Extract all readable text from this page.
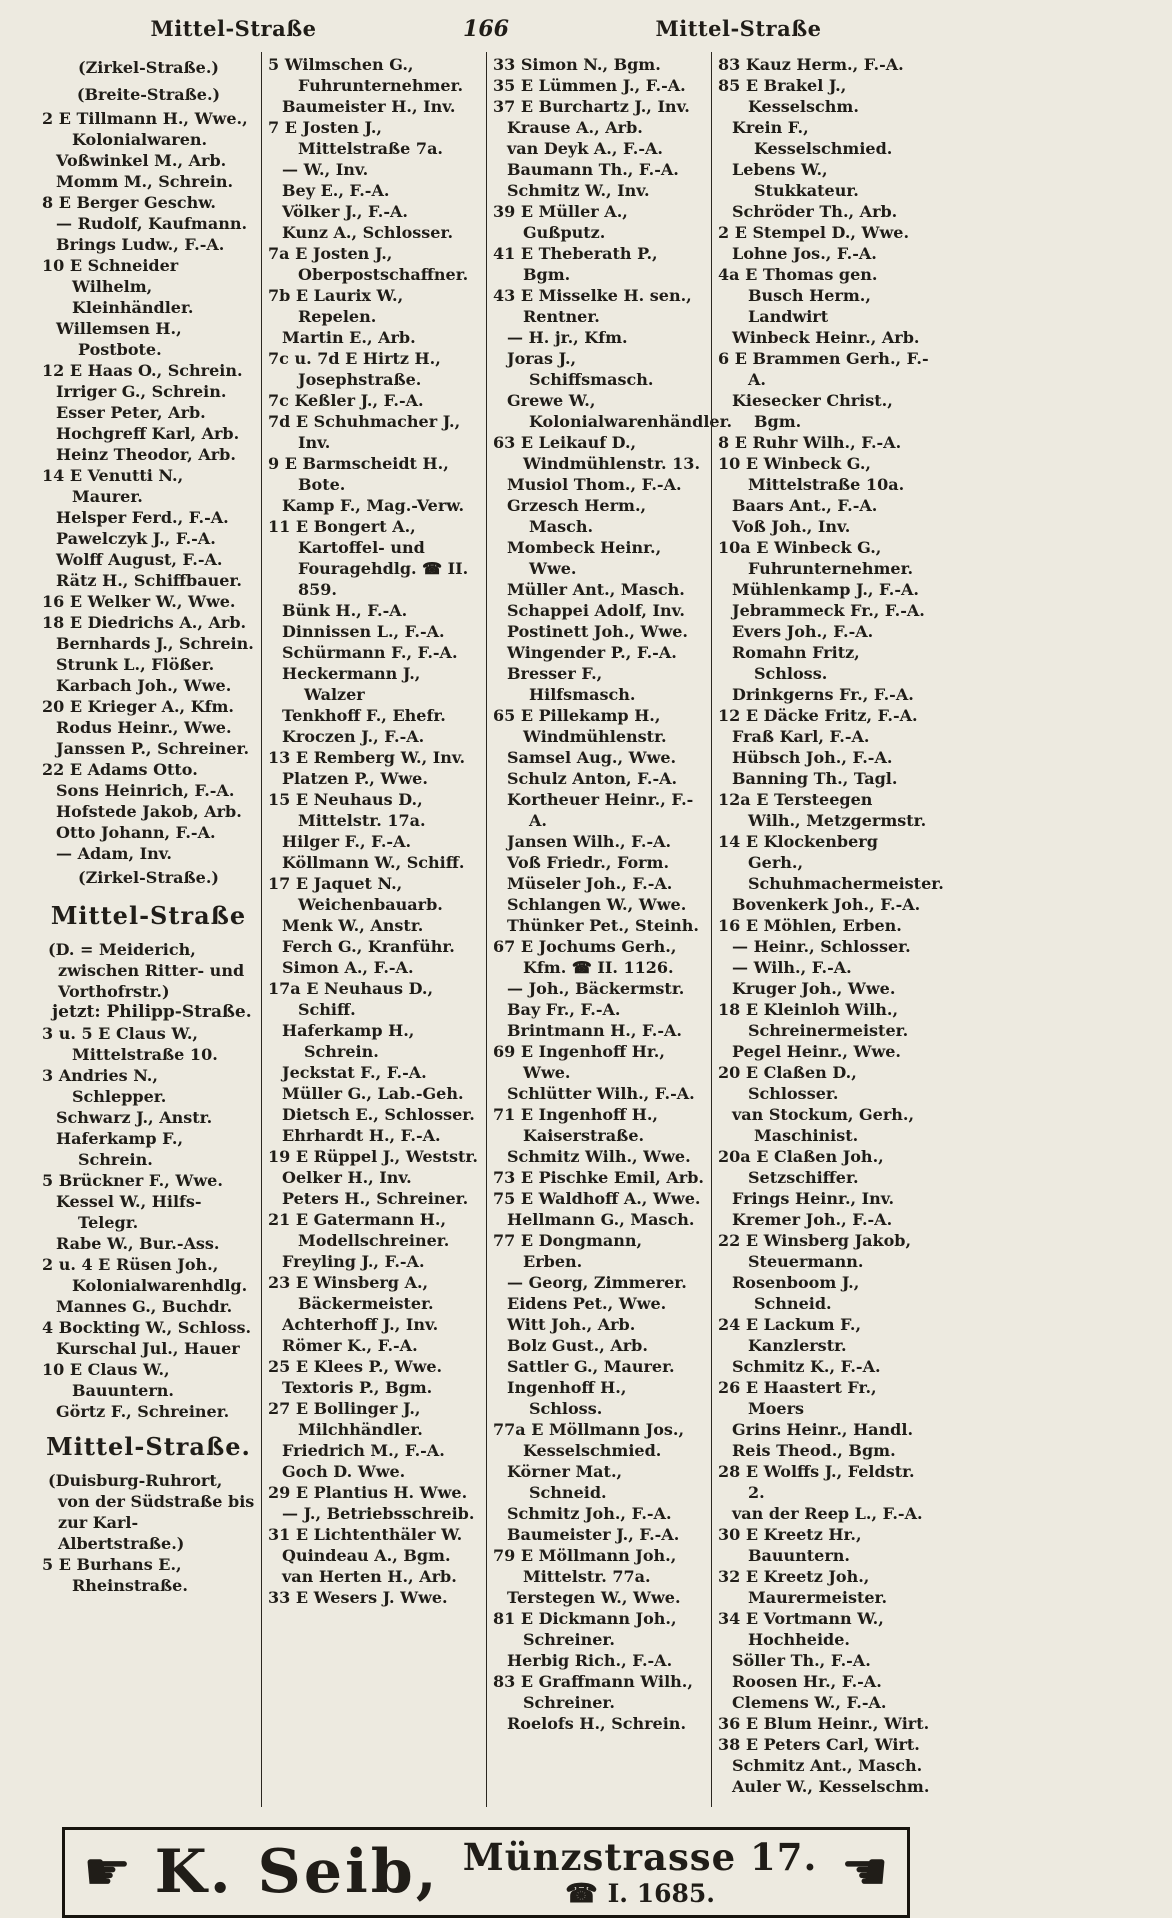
Mittel-Straße	166	Mittel-Straße
(Zirkel-Straße.)
(Breite-Straße.)
2 E Tillmann H., Wwe., Kolonialwaren.
Voßwinkel M., Arb.
Momm M., Schrein.
8 E Berger Geschw.
— Rudolf, Kaufmann.
Brings Ludw., F.-A.
10 E Schneider Wilhelm, Kleinhändler.
Willemsen H., Postbote.
12 E Haas O., Schrein.
Irriger G., Schrein.
Esser Peter, Arb.
Hochgreff Karl, Arb.
Heinz Theodor, Arb.
14 E Venutti N., Maurer.
Helsper Ferd., F.-A.
Pawelczyk J., F.-A.
Wolff August, F.-A.
Rätz H., Schiffbauer.
16 E Welker W., Wwe.
18 E Diedrichs A., Arb.
Bernhards J., Schrein.
Strunk L., Flößer.
Karbach Joh., Wwe.
20 E Krieger A., Kfm.
Rodus Heinr., Wwe.
Janssen P., Schreiner.
22 E Adams Otto.
Sons Heinrich, F.-A.
Hofstede Jakob, Arb.
Otto Johann, F.-A.
— Adam, Inv.
(Zirkel-Straße.)
Mittel-Straße
(D. = Meiderich, zwischen Ritter- und Vorthofrstr.)
jetzt: Philipp-Straße.
3 u. 5 E Claus W., Mittelstraße 10.
3 Andries N., Schlepper.
Schwarz J., Anstr.
Haferkamp F., Schrein.
5 Brückner F., Wwe.
Kessel W., Hilfs-Telegr.
Rabe W., Bur.-Ass.
2 u. 4 E Rüsen Joh., Kolonialwarenhdlg.
Mannes G., Buchdr.
4 Bockting W., Schloss.
Kurschal Jul., Hauer
10 E Claus W., Bauuntern.
Görtz F., Schreiner.
Mittel-Straße.
(Duisburg-Ruhrort, von der Südstraße bis zur Karl-Albertstraße.)
5 E Burhans E., Rheinstraße.
5 Wilmschen G., Fuhrunternehmer.
Baumeister H., Inv.
7 E Josten J., Mittelstraße 7a.
— W., Inv.
Bey E., F.-A.
Völker J., F.-A.
Kunz A., Schlosser.
7a E Josten J., Oberpostschaffner.
7b E Laurix W., Repelen.
Martin E., Arb.
7c u. 7d E Hirtz H., Josephstraße.
7c Keßler J., F.-A.
7d E Schuhmacher J., Inv.
9 E Barmscheidt H., Bote.
Kamp F., Mag.-Verw.
11 E Bongert A., Kartoffel- und Fouragehdlg. ☎ II. 859.
Bünk H., F.-A.
Dinnissen L., F.-A.
Schürmann F., F.-A.
Heckermann J., Walzer
Tenkhoff F., Ehefr.
Kroczen J., F.-A.
13 E Remberg W., Inv.
Platzen P., Wwe.
15 E Neuhaus D., Mittelstr. 17a.
Hilger F., F.-A.
Köllmann W., Schiff.
17 E Jaquet N., Weichenbauarb.
Menk W., Anstr.
Ferch G., Kranführ.
Simon A., F.-A.
17a E Neuhaus D., Schiff.
Haferkamp H., Schrein.
Jeckstat F., F.-A.
Müller G., Lab.-Geh.
Dietsch E., Schlosser.
Ehrhardt H., F.-A.
19 E Rüppel J., Weststr.
Oelker H., Inv.
Peters H., Schreiner.
21 E Gatermann H., Modellschreiner.
Freyling J., F.-A.
23 E Winsberg A., Bäckermeister.
Achterhoff J., Inv.
Römer K., F.-A.
25 E Klees P., Wwe.
Textoris P., Bgm.
27 E Bollinger J., Milchhändler.
Friedrich M., F.-A.
Goch D. Wwe.
29 E Plantius H. Wwe.
— J., Betriebsschreib.
31 E Lichtenthäler W.
Quindeau A., Bgm.
van Herten H., Arb.
33 E Wesers J. Wwe.
33 Simon N., Bgm.
35 E Lümmen J., F.-A.
37 E Burchartz J., Inv.
Krause A., Arb.
van Deyk A., F.-A.
Baumann Th., F.-A.
Schmitz W., Inv.
39 E Müller A., Gußputz.
41 E Theberath P., Bgm.
43 E Misselke H. sen., Rentner.
— H. jr., Kfm.
Joras J., Schiffsmasch.
Grewe W., Kolonialwarenhändler.
63 E Leikauf D., Windmühlenstr. 13.
Musiol Thom., F.-A.
Grzesch Herm., Masch.
Mombeck Heinr., Wwe.
Müller Ant., Masch.
Schappei Adolf, Inv.
Postinett Joh., Wwe.
Wingender P., F.-A.
Bresser F., Hilfsmasch.
65 E Pillekamp H., Windmühlenstr.
Samsel Aug., Wwe.
Schulz Anton, F.-A.
Kortheuer Heinr., F.-A.
Jansen Wilh., F.-A.
Voß Friedr., Form.
Müseler Joh., F.-A.
Schlangen W., Wwe.
Thünker Pet., Steinh.
67 E Jochums Gerh., Kfm. ☎ II. 1126.
— Joh., Bäckermstr.
Bay Fr., F.-A.
Brintmann H., F.-A.
69 E Ingenhoff Hr., Wwe.
Schlütter Wilh., F.-A.
71 E Ingenhoff H., Kaiserstraße.
Schmitz Wilh., Wwe.
73 E Pischke Emil, Arb.
75 E Waldhoff A., Wwe.
Hellmann G., Masch.
77 E Dongmann, Erben.
— Georg, Zimmerer.
Eidens Pet., Wwe.
Witt Joh., Arb.
Bolz Gust., Arb.
Sattler G., Maurer.
Ingenhoff H., Schloss.
77a E Möllmann Jos., Kesselschmied.
Körner Mat., Schneid.
Schmitz Joh., F.-A.
Baumeister J., F.-A.
79 E Möllmann Joh., Mittelstr. 77a.
Terstegen W., Wwe.
81 E Dickmann Joh., Schreiner.
Herbig Rich., F.-A.
83 E Graffmann Wilh., Schreiner.
Roelofs H., Schrein.
83 Kauz Herm., F.-A.
85 E Brakel J., Kesselschm.
Krein F., Kesselschmied.
Lebens W., Stukkateur.
Schröder Th., Arb.
2 E Stempel D., Wwe.
Lohne Jos., F.-A.
4a E Thomas gen. Busch Herm., Landwirt
Winbeck Heinr., Arb.
6 E Brammen Gerh., F.-A.
Kiesecker Christ., Bgm.
8 E Ruhr Wilh., F.-A.
10 E Winbeck G., Mittelstraße 10a.
Baars Ant., F.-A.
Voß Joh., Inv.
10a E Winbeck G., Fuhrunternehmer.
Mühlenkamp J., F.-A.
Jebrammeck Fr., F.-A.
Evers Joh., F.-A.
Romahn Fritz, Schloss.
Drinkgerns Fr., F.-A.
12 E Däcke Fritz, F.-A.
Fraß Karl, F.-A.
Hübsch Joh., F.-A.
Banning Th., Tagl.
12a E Tersteegen Wilh., Metzgermstr.
14 E Klockenberg Gerh., Schuhmachermeister.
Bovenkerk Joh., F.-A.
16 E Möhlen, Erben.
— Heinr., Schlosser.
— Wilh., F.-A.
Kruger Joh., Wwe.
18 E Kleinloh Wilh., Schreinermeister.
Pegel Heinr., Wwe.
20 E Claßen D., Schlosser.
van Stockum, Gerh., Maschinist.
20a E Claßen Joh., Setzschiffer.
Frings Heinr., Inv.
Kremer Joh., F.-A.
22 E Winsberg Jakob, Steuermann.
Rosenboom J., Schneid.
24 E Lackum F., Kanzlerstr.
Schmitz K., F.-A.
26 E Haastert Fr., Moers
Grins Heinr., Handl.
Reis Theod., Bgm.
28 E Wolffs J., Feldstr. 2.
van der Reep L., F.-A.
30 E Kreetz Hr., Bauuntern.
32 E Kreetz Joh., Maurermeister.
34 E Vortmann W., Hochheide.
Söller Th., F.-A.
Roosen Hr., F.-A.
Clemens W., F.-A.
36 E Blum Heinr., Wirt.
38 E Peters Carl, Wirt.
Schmitz Ant., Masch.
Auler W., Kesselschm.
☛ K. Seib, Münzstrasse 17.
☎ I. 1685. ☚
